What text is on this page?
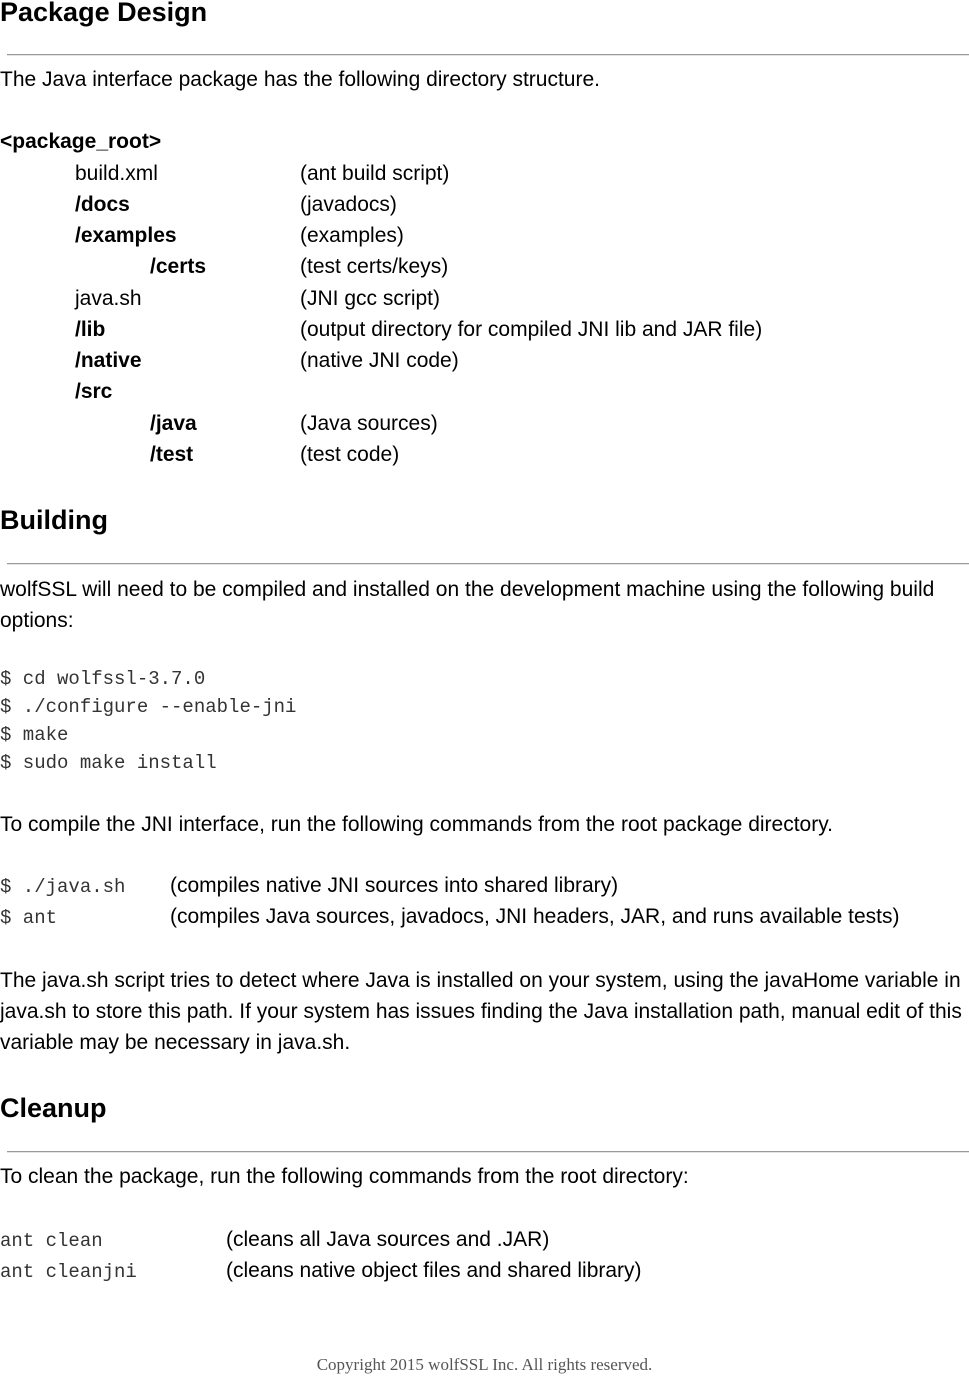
Package Design
The Java interface package has the following directory structure.
<package_root>
build.xml	(ant build script)
/docs	(javadocs)
/examples	(examples)
/certs	(test certs/keys)
java.sh	(JNI gcc script)
/lib	(output directory for compiled JNI lib and JAR file)
/native	(native JNI code)
/src
/java	(Java sources)
/test	(test code)
Building
wolfSSL will need to be compiled and installed on the development machine using the following build options:
$ cd wolfssl-3.7.0
$ ./configure --enable-jni
$ make
$ sudo make install
To compile the JNI interface, run the following commands from the root package directory.
$ ./java.sh (compiles native JNI sources into shared library)
$ ant	(compiles Java sources, javadocs, JNI headers, JAR, and runs available tests)
The java.sh script tries to detect where Java is installed on your system, using the javaHome variable in java.sh to store this path. If your system has issues finding the Java installation path, manual edit of this variable may be necessary in java.sh.
Cleanup
To clean the package, run the following commands from the root directory:
ant clean	(cleans all Java sources and .JAR)
ant cleanjni	(cleans native object files and shared library)
Copyright 2015 wolfSSL Inc. All rights reserved.
